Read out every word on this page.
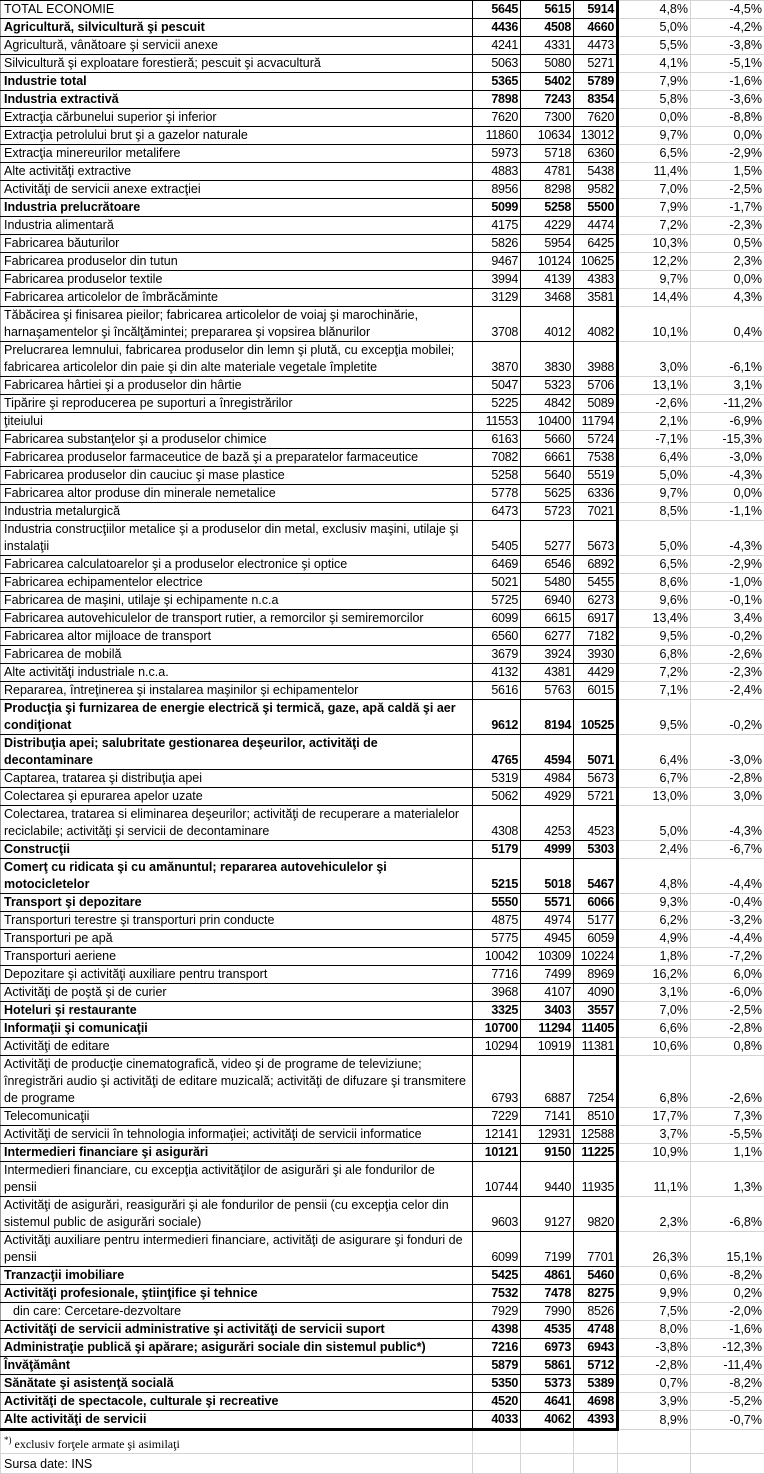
TOTAL ECONOMIE	5645	5615	5914	4,8%	-4,5%
Agricultură, silvicultură şi pescuit	4436	4508	4660	5,0%	-4,2%
Agricultură, vânătoare şi servicii anexe	4241	4331	4473	5,5%	-3,8%
Silvicultură şi exploatare forestieră; pescuit şi acvacultură	5063	5080	5271	4,1%	-5,1%
Industrie total	5365	5402	5789	7,9%	-1,6%
Industria extractivă	7898	7243	8354	5,8%	-3,6%
Extracţia cărbunelui superior şi inferior	7620	7300	7620	0,0%	-8,8%
Extracţia petrolului brut şi a gazelor naturale	11860	10634	13012	9,7%	0,0%
Extracţia minereurilor metalifere	5973	5718	6360	6,5%	-2,9%
Alte activităţi extractive	4883	4781	5438	11,4%	1,5%
Activităţi de servicii anexe extracţiei	8956	8298	9582	7,0%	-2,5%
Industria prelucrătoare	5099	5258	5500	7,9%	-1,7%
Industria alimentară	4175	4229	4474	7,2%	-2,3%
Fabricarea băuturilor	5826	5954	6425	10,3%	0,5%
Fabricarea produselor din tutun	9467	10124	10625	12,2%	2,3%
Fabricarea produselor textile	3994	4139	4383	9,7%	0,0%
Fabricarea articolelor de îmbrăcăminte	3129	3468	3581	14,4%	4,3%
Tăbăcirea şi finisarea pieilor; fabricarea articolelor de voiaj şi marochinărie, harnaşamentelor şi încălţămintei; prepararea şi vopsirea blănurilor	3708	4012	4082	10,1%	0,4%
Prelucrarea lemnului, fabricarea produselor din lemn şi plută, cu excepţia mobilei; fabricarea articolelor din paie şi din alte materiale vegetale împletite	3870	3830	3988	3,0%	-6,1%
Fabricarea hârtiei şi a produselor din hârtie	5047	5323	5706	13,1%	3,1%
Tipărire şi reproducerea pe suporturi a înregistrărilor	5225	4842	5089	-2,6%	-11,2%
ţiteiului	11553	10400	11794	2,1%	-6,9%
Fabricarea substanţelor şi a produselor chimice	6163	5660	5724	-7,1%	-15,3%
Fabricarea produselor farmaceutice de bază şi a preparatelor farmaceutice	7082	6661	7538	6,4%	-3,0%
Fabricarea produselor din cauciuc şi mase plastice	5258	5640	5519	5,0%	-4,3%
Fabricarea altor produse din minerale nemetalice	5778	5625	6336	9,7%	0,0%
Industria metalurgică	6473	5723	7021	8,5%	-1,1%
Industria construcţiilor metalice şi a produselor din metal, exclusiv maşini, utilaje şi instalaţii	5405	5277	5673	5,0%	-4,3%
Fabricarea calculatoarelor şi a produselor electronice şi optice	6469	6546	6892	6,5%	-2,9%
Fabricarea echipamentelor electrice	5021	5480	5455	8,6%	-1,0%
Fabricarea de maşini, utilaje şi echipamente n.c.a	5725	6940	6273	9,6%	-0,1%
Fabricarea autovehiculelor de transport rutier, a remorcilor şi semiremorcilor	6099	6615	6917	13,4%	3,4%
Fabricarea altor mijloace de transport	6560	6277	7182	9,5%	-0,2%
Fabricarea de mobilă	3679	3924	3930	6,8%	-2,6%
Alte activităţi industriale n.c.a.	4132	4381	4429	7,2%	-2,3%
Repararea, întreţinerea şi instalarea maşinilor şi echipamentelor	5616	5763	6015	7,1%	-2,4%
Producţia şi furnizarea de energie electrică şi termică, gaze, apă caldă şi aer condiţionat	9612	8194	10525	9,5%	-0,2%
Distribuţia apei; salubritate gestionarea deşeurilor, activităţi de decontaminare	4765	4594	5071	6,4%	-3,0%
Captarea, tratarea şi distribuţia apei	5319	4984	5673	6,7%	-2,8%
Colectarea şi epurarea apelor uzate	5062	4929	5721	13,0%	3,0%
Colectarea, tratarea si eliminarea deşeurilor; activităţi de recuperare a materialelor reciclabile; activităţi şi servicii de decontaminare	4308	4253	4523	5,0%	-4,3%
Construcţii	5179	4999	5303	2,4%	-6,7%
Comerţ cu ridicata şi cu amănuntul; repararea autovehiculelor şi motocicletelor	5215	5018	5467	4,8%	-4,4%
Transport şi depozitare	5550	5571	6066	9,3%	-0,4%
Transporturi terestre şi transporturi prin conducte	4875	4974	5177	6,2%	-3,2%
Transporturi pe apă	5775	4945	6059	4,9%	-4,4%
Transporturi aeriene	10042	10309	10224	1,8%	-7,2%
Depozitare şi activităţi auxiliare pentru transport	7716	7499	8969	16,2%	6,0%
Activităţi de poştă şi de curier	3968	4107	4090	3,1%	-6,0%
Hoteluri şi restaurante	3325	3403	3557	7,0%	-2,5%
Informaţii şi comunicaţii	10700	11294	11405	6,6%	-2,8%
Activităţi de editare	10294	10919	11381	10,6%	0,8%
Activităţi de producţie cinematografică, video şi de programe de televiziune; înregistrări audio şi activităţi de editare muzicală; activităţi de difuzare şi transmitere de programe	6793	6887	7254	6,8%	-2,6%
Telecomunicaţii	7229	7141	8510	17,7%	7,3%
Activităţi de servicii în tehnologia informaţiei; activităţi de servicii informatice	12141	12931	12588	3,7%	-5,5%
Intermedieri financiare şi asigurări	10121	9150	11225	10,9%	1,1%
Intermedieri financiare, cu excepţia activităţilor de asigurări şi ale fondurilor de pensii	10744	9440	11935	11,1%	1,3%
Activităţi de asigurări, reasigurări şi ale fondurilor de pensii (cu excepţia celor din sistemul public de asigurări sociale)	9603	9127	9820	2,3%	-6,8%
Activităţi auxiliare pentru intermedieri financiare, activităţi de asigurare şi fonduri de pensii	6099	7199	7701	26,3%	15,1%
Tranzacţii imobiliare	5425	4861	5460	0,6%	-8,2%
Activităţi profesionale, ştiinţifice şi tehnice	7532	7478	8275	9,9%	0,2%
din care: Cercetare-dezvoltare	7929	7990	8526	7,5%	-2,0%
Activităţi de servicii administrative şi activităţi de servicii suport	4398	4535	4748	8,0%	-1,6%
Administraţie publică şi apărare; asigurări sociale din sistemul public*)	7216	6973	6943	-3,8%	-12,3%
Învăţământ	5879	5861	5712	-2,8%	-11,4%
Sănătate şi asistenţă socială	5350	5373	5389	0,7%	-8,2%
Activităţi de spectacole, culturale şi recreative	4520	4641	4698	3,9%	-5,2%
Alte activităţi de servicii	4033	4062	4393	8,9%	-0,7%
*) exclusiv forţele armate şi asimilaţi					
Sursa date: INS					
